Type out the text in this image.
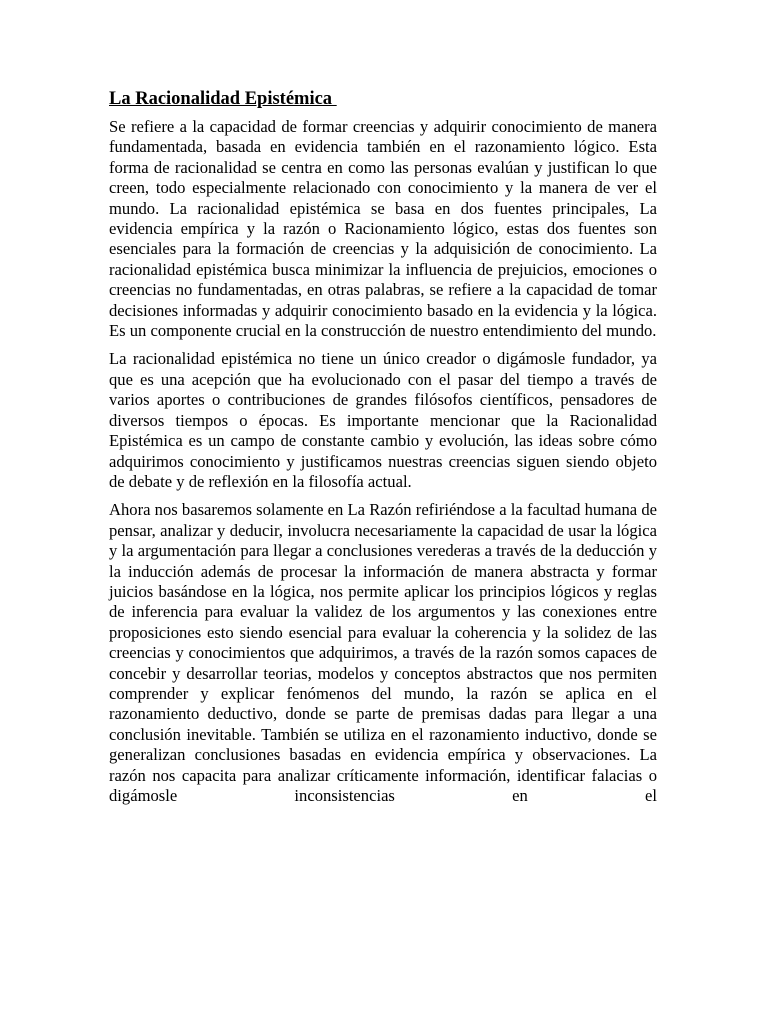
La Racionalidad Epistémica

Se refiere a la capacidad de formar creencias y adquirir conocimiento de manera fundamentada, basada en evidencia también en el razonamiento lógico. Esta forma de racionalidad se centra en como las personas evalúan y justifican lo que creen, todo especialmente relacionado con conocimiento y la manera de ver el mundo. La racionalidad epistémica se basa en dos fuentes principales, La evidencia empírica y la razón o Racionamiento lógico, estas dos fuentes son esenciales para la formación de creencias y la adquisición de conocimiento. La racionalidad epistémica busca minimizar la influencia de prejuicios, emociones o creencias no fundamentadas, en otras palabras, se refiere a la capacidad de tomar decisiones informadas y adquirir conocimiento basado en la evidencia y la lógica. Es un componente crucial en la construcción de nuestro entendimiento del mundo.

La racionalidad epistémica no tiene un único creador o digámosle fundador, ya que es una acepción que ha evolucionado con el pasar del tiempo a través de varios aportes o contribuciones de grandes filósofos científicos, pensadores de diversos tiempos o épocas. Es importante mencionar que la Racionalidad Epistémica es un campo de constante cambio y evolución, las ideas sobre cómo adquirimos conocimiento y justificamos nuestras creencias siguen siendo objeto de debate y de reflexión en la filosofía actual.

Ahora nos basaremos solamente en La Razón refiriéndose a la facultad humana de pensar, analizar y deducir, involucra necesariamente la capacidad de usar la lógica y la argumentación para llegar a conclusiones verederas a través de la deducción y la inducción además de procesar la información de manera abstracta y formar juicios basándose en la lógica, nos permite aplicar los principios lógicos y reglas de inferencia para evaluar la validez de los argumentos y las conexiones entre proposiciones esto siendo esencial para evaluar la coherencia y la solidez de las creencias y conocimientos que adquirimos, a través de la razón somos capaces de concebir y desarrollar teorias, modelos y conceptos abstractos que nos permiten comprender y explicar fenómenos del mundo, la razón se aplica en el razonamiento deductivo, donde se parte de premisas dadas para llegar a una conclusión inevitable. También se utiliza en el razonamiento inductivo, donde se generalizan conclusiones basadas en evidencia empírica y observaciones. La razón nos capacita para analizar críticamente información, identificar falacias o digámosle inconsistencias en el
